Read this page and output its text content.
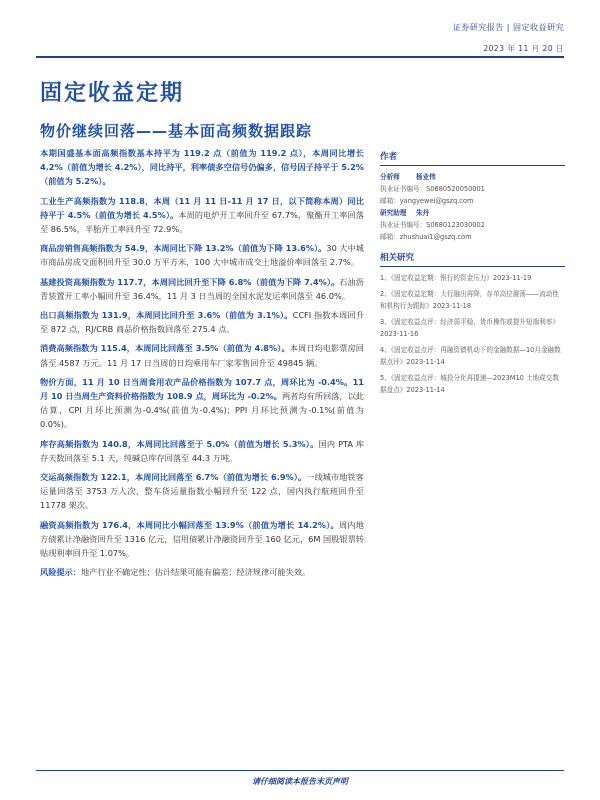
证券研究报告 | 固定收益研究
2023 年 11 月 20 日
固定收益定期
物价继续回落——基本面高频数据跟踪

本期国盛基本面高频指数基本持平为 119.2 点（前值为 119.2 点），本周同比增长 4.2%（前值为增长 4.2%），同比持平，利率债多空信号仍偏多，信号因子持平于 5.2%（前值为 5.2%）。

工业生产高频指数为 118.8，本周（11 月 11 日-11 月 17 日，以下简称本周）同比持平于 4.5%（前值为增长 4.5%）。本周的电炉开工率回升至 67.7%，聚酯开工率回落至 86.5%，半胎开工率回升至 72.9%。

商品房销售高频指数为 54.9，本周同比下降 13.2%（前值为下降 13.6%）。30 大中城市商品房成交面积回升至 30.0 万平方米，100 大中城市成交土地溢价率回落至 2.7%。

基建投资高频指数为 117.7，本周同比回升至下降 6.8%（前值为下降 7.4%）。石油沥青装置开工率小幅回升至 36.4%，11 月 3 日当周的全国水泥发运率回落至 46.0%。

出口高频指数为 131.9，本周同比回升至 3.6%（前值为 3.1%）。CCFI 指数本周回升至 872 点，RJ/CRB 商品价格指数回落至 275.4 点。

消费高频指数为 115.4，本周同比回落至 3.5%（前值为 4.8%）。本周日均电影票房回落至 4587 万元。11 月 17 日当周的日均乘用车厂家零售回升至 49845 辆。

物价方面，11 月 10 日当周食用农产品价格指数为 107.7 点，周环比为 -0.4%。11 月 10 日当周生产资料价格指数为 108.9 点，周环比为 -0.2%。两者均有所回落，以此估算，CPI 月环比预测为-0.4%(前值为-0.4%)；PPI 月环比预测为-0.1%(前值为 0.0%)。

库存高频指数为 140.8，本周同比回落至于 5.0%（前值为增长 5.3%）。国内 PTA 库存天数回落至 5.1 天，纯碱总库存回落至 44.3 万吨。

交运高频指数为 122.1，本周同比回落至 6.7%（前值为增长 6.9%）。一线城市地铁客运量回落至 3753 万人次，整车货运量指数小幅回升至 122 点，国内执行航班回升至 11778 架次。

融资高频指数为 176.4，本周同比小幅回落至 13.9%（前值为增长 14.2%）。周内地方债累计净融资回升至 1316 亿元，信用债累计净融资回升至 160 亿元，6M 国股银票转贴现利率回升至 1.07%。

风险提示：地产行业不确定性；估计结果可能有偏差；经济规律可能失效。

作者
分析师	杨业伟
执业证书编号：S0680520050001
邮箱：yangyewei@gszq.com
研究助理	朱丹
执业证书编号：S0680123030002
邮箱：zhushuai1@gszq.com
相关研究
1、《固定收益定期：银行的资金压力》2023-11-19
2、《固定收益定期：大行融出再降，存单高位震荡——流动性和机构行为跟踪》2023-11-18
3、《固定收益点评：经济弱平稳，货币操作或提升短端利率》2023-11-16
4、《固定收益点评：再融资债机动下的金融数据—10月金融数据点评》2023-11-14
5、《固定收益点评：城投分化再提速—2023M10 土地成交数据盘点》2023-11-14
请仔细阅读本报告末页声明
